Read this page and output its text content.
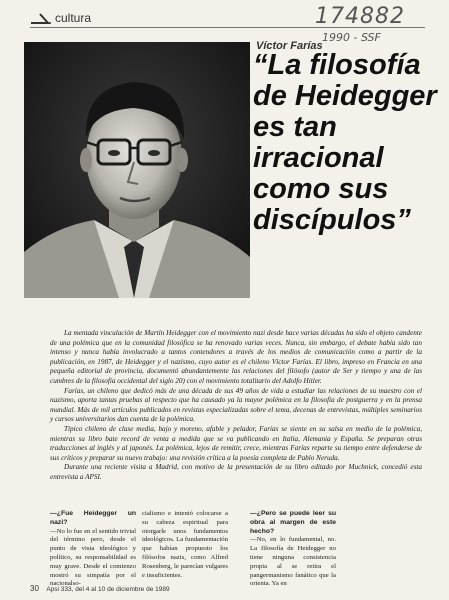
cultura	174882
1990 - SSF
Víctor Farías
“La filosofía de Heidegger es tan irracional como sus discípulos”

La mentada vinculación de Martín Heidegger con el movimiento nazi desde hace varias décadas ha sido el objeto candente de una polémica que en la comunidad filosófica se ha renovado varias veces. Nunca, sin embargo, el debate había sido tan intenso y nunca había involucrado a tantos contendores a través de los medios de comunicación como a partir de la publicación, en 1987, de Heidegger y el nazismo, cuyo autor es el chileno Víctor Farías. El libro, impreso en Francia en una pequeña editorial de provincia, documentó abundantemente las relaciones del filósofo (autor de Ser y tiempo y una de las cumbres de la filosofía occidental del siglo 20) con el movimiento totalitario del Adolfo Hitler.

Farías, un chileno que dedicó más de una década de sus 49 años de vida a estudiar las relaciones de su maestro con el nazismo, aporta tantas pruebas al respecto que ha causado ya la mayor polémica en la filosofía de postguerra y en la prensa mundial. Más de mil artículos publicados en revistas especializadas sobre el tema, decenas de entrevistas, múltiples seminarios y cursos universitarios dan cuenta de la polémica.

Típico chileno de clase media, bajo y moreno, afable y pelador, Farías se siente en su salsa en medio de la polémica, mientras su libro bate record de venta a medida que se va publicando en Italia, Alemania y España. Se preparan otras traducciones al inglés y al japonés. La polémica, lejos de remitir, crece, mientras Farías reparte su tiempo entre defenderse de sus críticos y preparar su nuevo trabajo: una revisión crítica a la poesía completa de Pablo Neruda.

Durante una reciente visita a Madrid, con motivo de la presentación de su libro editado por Muchnick, concedió esta entrevista a APSI.

—¿Fue Heidegger un nazi?
—No lo fue en el sentido trivial del término pero, desde el punto de vista ideológico y político, su responsabilidad es muy grave. Desde el comienzo mostró su simpatía por el nacionalso-
cialismo e intentó colocarse a su cabeza espiritual para otorgarle unos fundamentos ideológicos. La fundamentación que habían propuesto los filósofos nazis, como Alfred Rosenberg, le parecían vulgares e insuficientes.
—¿Pero se puede leer su obra al margen de este hecho?
—No, en lo fundamental, no. La filosofía de Heidegger no tiene ninguna consistencia propia al se retira el pangermanismo fanático que la orienta. Ya en
30 Apsi 333, del 4 al 10 de diciembre de 1989
